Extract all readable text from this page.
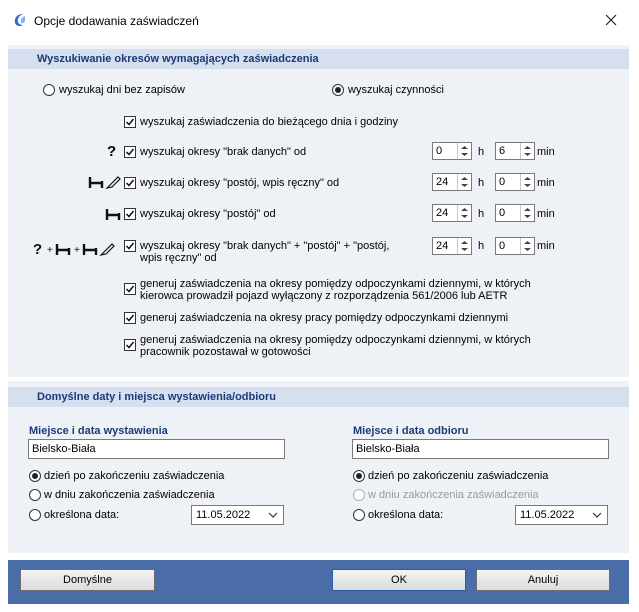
Opcje dodawania zaświadczeń
Wyszukiwanie okresów wymagających zaświadczenia
wyszukaj dni bez zapisów	wyszukaj czynności
wyszukaj zaświadczenia do bieżącego dnia i godziny
? wyszukaj okresy "brak danych" od	0	h 6	min
wyszukaj okresy "postój, wpis ręczny" od	24	h 0	min
wyszukaj okresy "postój" od	24	h 0	min
? + +	wyszukaj okresy "brak danych" + "postój" + "postój,
wpis ręczny" od
24	h 0	min
generuj zaświadczenia na okresy pomiędzy odpoczynkami dziennymi, w których
kierowca prowadził pojazd wyłączony z rozporządzenia 561/2006 lub AETR
generuj zaświadczenia na okresy pracy pomiędzy odpoczynkami dziennymi
generuj zaświadczenia na okresy pomiędzy odpoczynkami dziennymi, w których
pracownik pozostawał w gotowości
Domyślne daty i miejsca wystawienia/odbioru
Miejsce i data wystawienia
Bielsko-Biała
dzień po zakończeniu zaświadczenia
w dniu zakończenia zaświadczenia
określona data:	11.05.2022
Miejsce i data odbioru
Bielsko-Biała
dzień po zakończeniu zaświadczenia
w dniu zakończenia zaświadczenia
określona data:	11.05.2022
Domyślne	OK	Anuluj
